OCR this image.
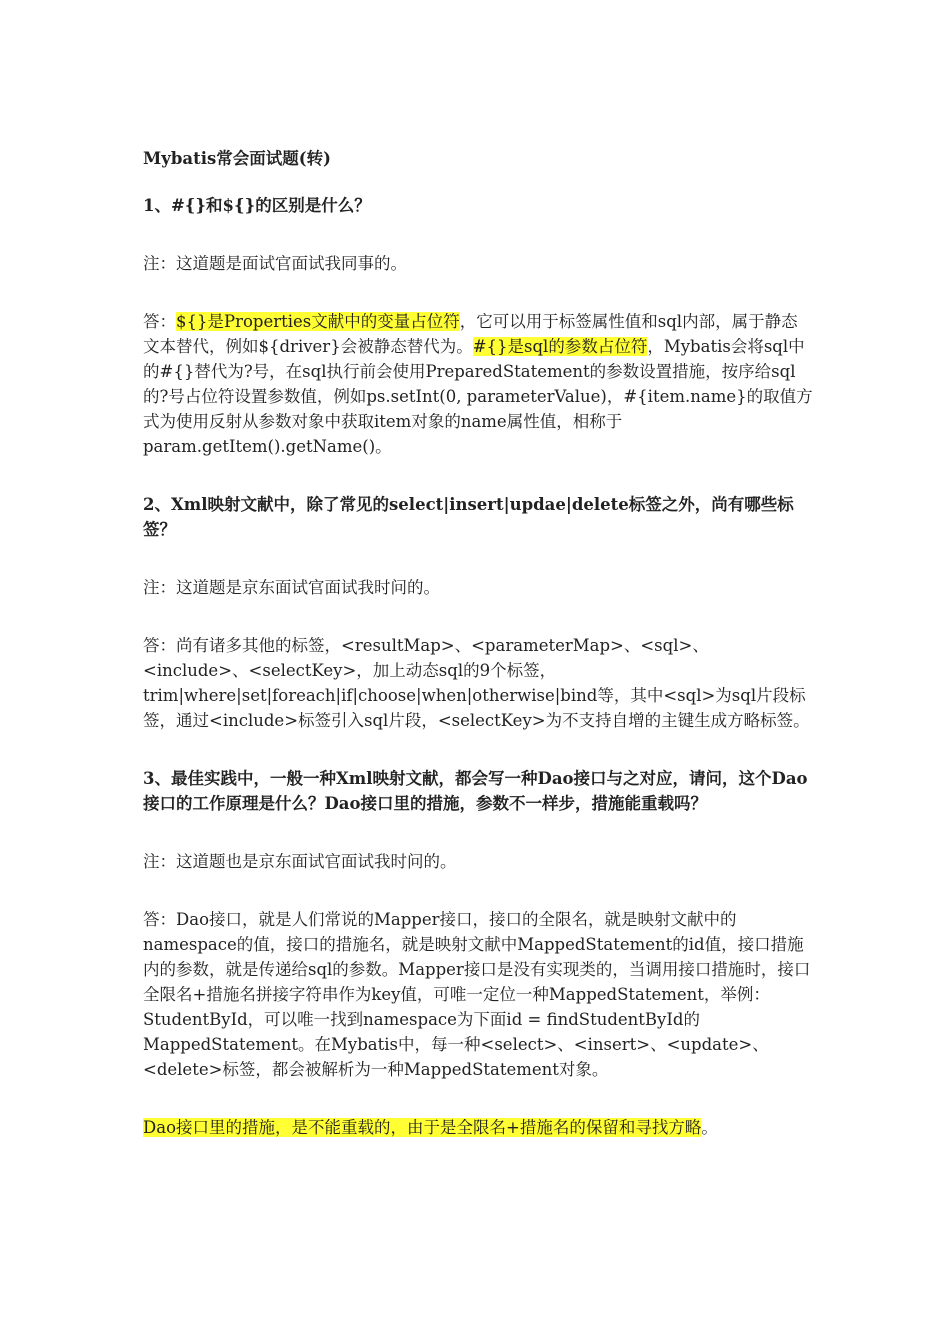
Mybatis常会面试题(转)

1、#{}和${}的区别是什么？

注：这道题是面试官面试我同事的。

答：${}是Properties文献中的变量占位符，它可以用于标签属性值和sql内部，属于静态文本替代，例如${driver}会被静态替代为。#{}是sql的参数占位符，Mybatis会将sql中的#{}替代为?号，在sql执行前会使用PreparedStatement的参数设置措施，按序给sql的?号占位符设置参数值，例如ps.setInt(0, parameterValue)，#{item.name}的取值方式为使用反射从参数对象中获取item对象的name属性值，相称于param.getItem().getName()。

2、Xml映射文献中，除了常见的select|insert|updae|delete标签之外，尚有哪些标签？

注：这道题是京东面试官面试我时问的。

答：尚有诸多其他的标签，<resultMap>、<parameterMap>、<sql>、<include>、<selectKey>，加上动态sql的9个标签，trim|where|set|foreach|if|choose|when|otherwise|bind等，其中<sql>为sql片段标签，通过<include>标签引入sql片段，<selectKey>为不支持自增的主键生成方略标签。

3、最佳实践中，一般一种Xml映射文献，都会写一种Dao接口与之对应，请问，这个Dao接口的工作原理是什么？Dao接口里的措施，参数不一样步，措施能重载吗？

注：这道题也是京东面试官面试我时问的。

答：Dao接口，就是人们常说的Mapper接口，接口的全限名，就是映射文献中的namespace的值，接口的措施名，就是映射文献中MappedStatement的id值，接口措施内的参数，就是传递给sql的参数。Mapper接口是没有实现类的，当调用接口措施时，接口全限名+措施名拼接字符串作为key值，可唯一定位一种MappedStatement，举例：StudentById，可以唯一找到namespace为下面id = findStudentById的MappedStatement。在Mybatis中，每一种<select>、<insert>、<update>、<delete>标签，都会被解析为一种MappedStatement对象。

Dao接口里的措施，是不能重载的，由于是全限名+措施名的保留和寻找方略。
